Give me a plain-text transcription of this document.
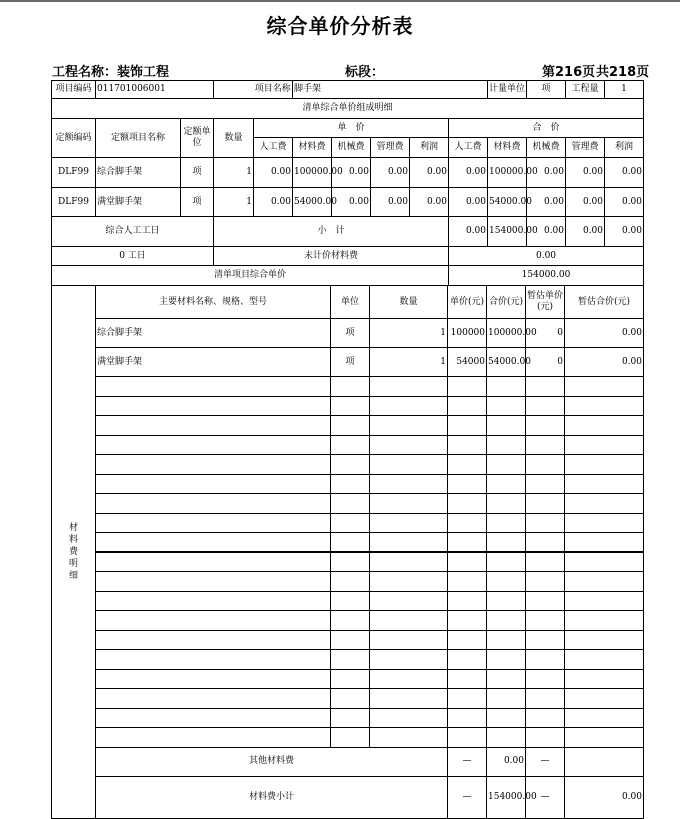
综合单价分析表
工程名称：装饰工程	标段：	第216页 共218页
项目编码	011701006001			项目名称	脚手架					计量单位	项	工程量	1
清单综合单价组成明细													
定额编码	定额项目名称	定额单位	数量	单　价					合　价				
				人工费	材料费	机械费	管理费	利润	人工费	材料费	机械费	管理费	利润
DLF99	综合脚手架	项	1	0.00	100000.00	0.00	0.00	0.00	0.00	100000.00	0.00	0.00	0.00
DLF99	满堂脚手架	项	1	0.00	54000.00	0.00	0.00	0.00	0.00	54000.00	0.00	0.00	0.00
综合人工工日			小　计						0.00	154000.00	0.00	0.00	0.00
0 工日			未计价材料费						0.00				
清单项目综合单价									154000.00				
材
料
费
明
细	主要材料名称、规格、型号	单位	数量	单价(元)	合价(元)	暂估单价(元)	暂估合价(元)
	综合脚手架	项	1	100000	100000.00	0	0.00
	满堂脚手架	项	1	54000	54000.00	0	0.00

	其他材料费			—	0.00	—	
	材料费小计			—	154000.00	—	0.00
